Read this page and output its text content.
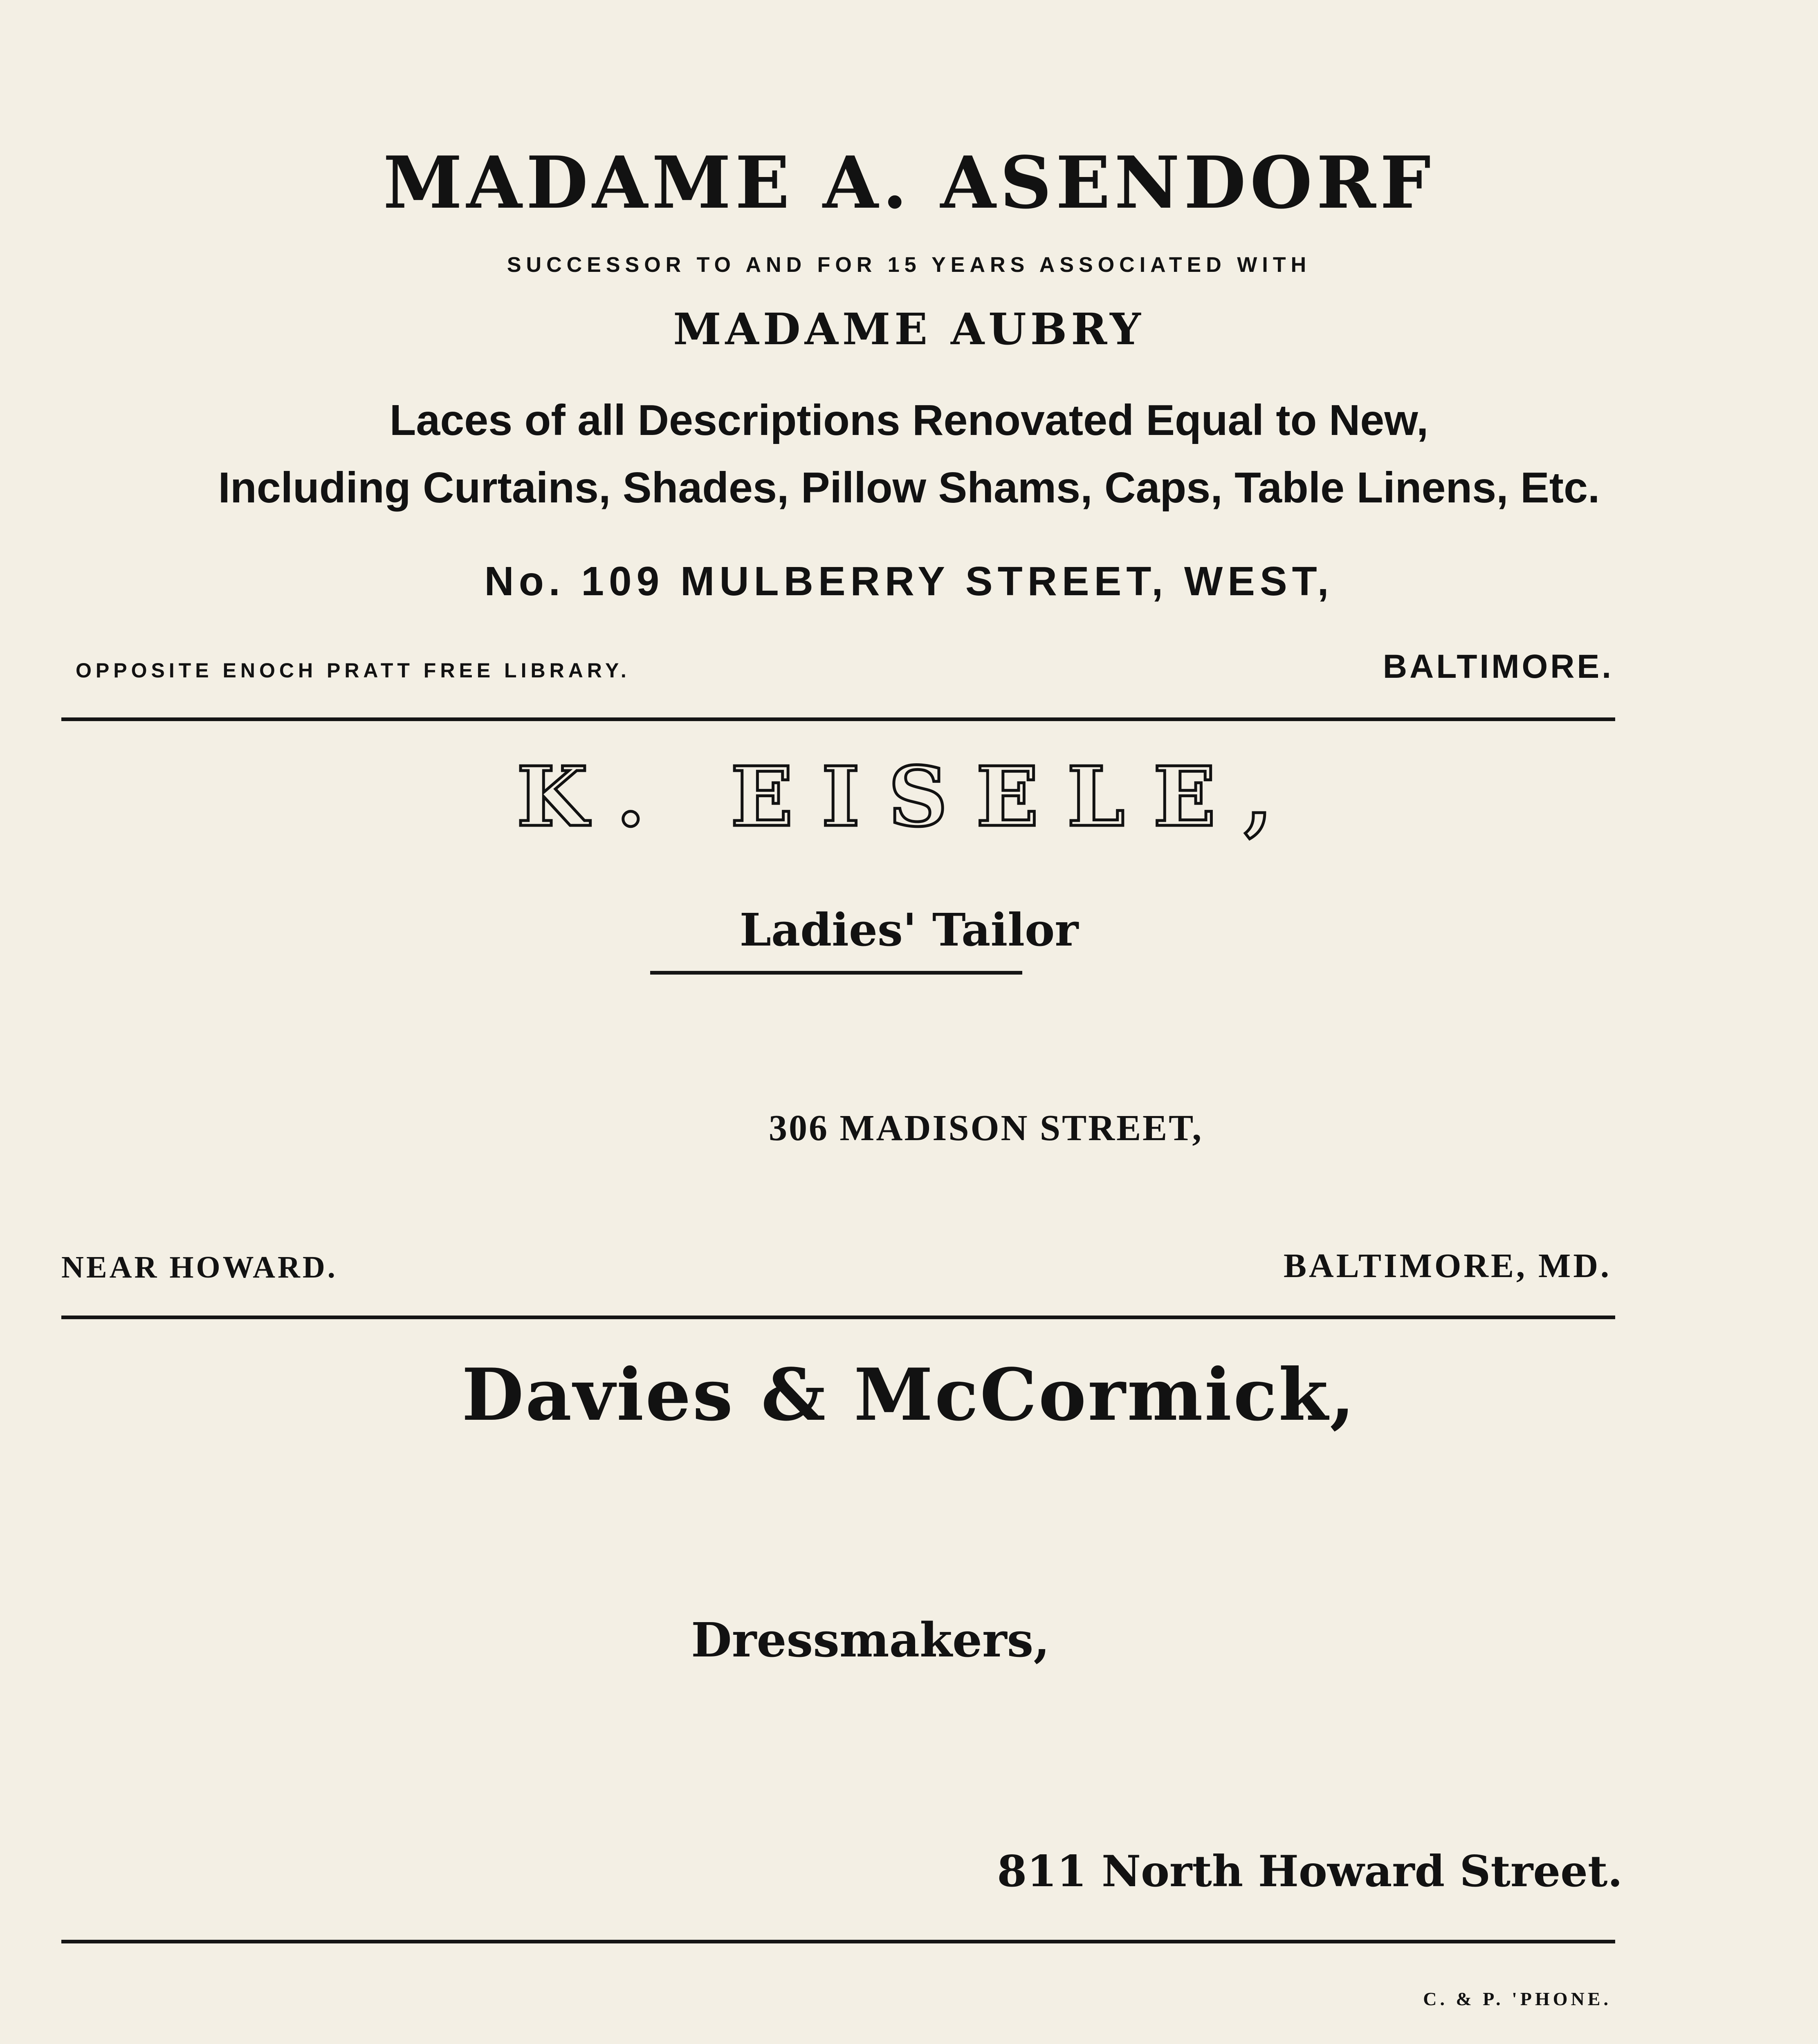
MADAME A. ASENDORF

SUCCESSOR TO AND FOR 15 YEARS ASSOCIATED WITH

MADAME AUBRY

Laces of all Descriptions Renovated Equal to New,

Including Curtains, Shades, Pillow Shams, Caps, Table Linens, Etc.

No. 109 MULBERRY STREET, WEST,

OPPOSITE ENOCH PRATT FREE LIBRARY.	BALTIMORE.

K. EISELE,

Ladies' Tailor

306 MADISON STREET,

NEAR HOWARD.	BALTIMORE, MD.

Davies & McCormick,

Dressmakers,

811 North Howard Street.

C. & P. 'PHONE.
